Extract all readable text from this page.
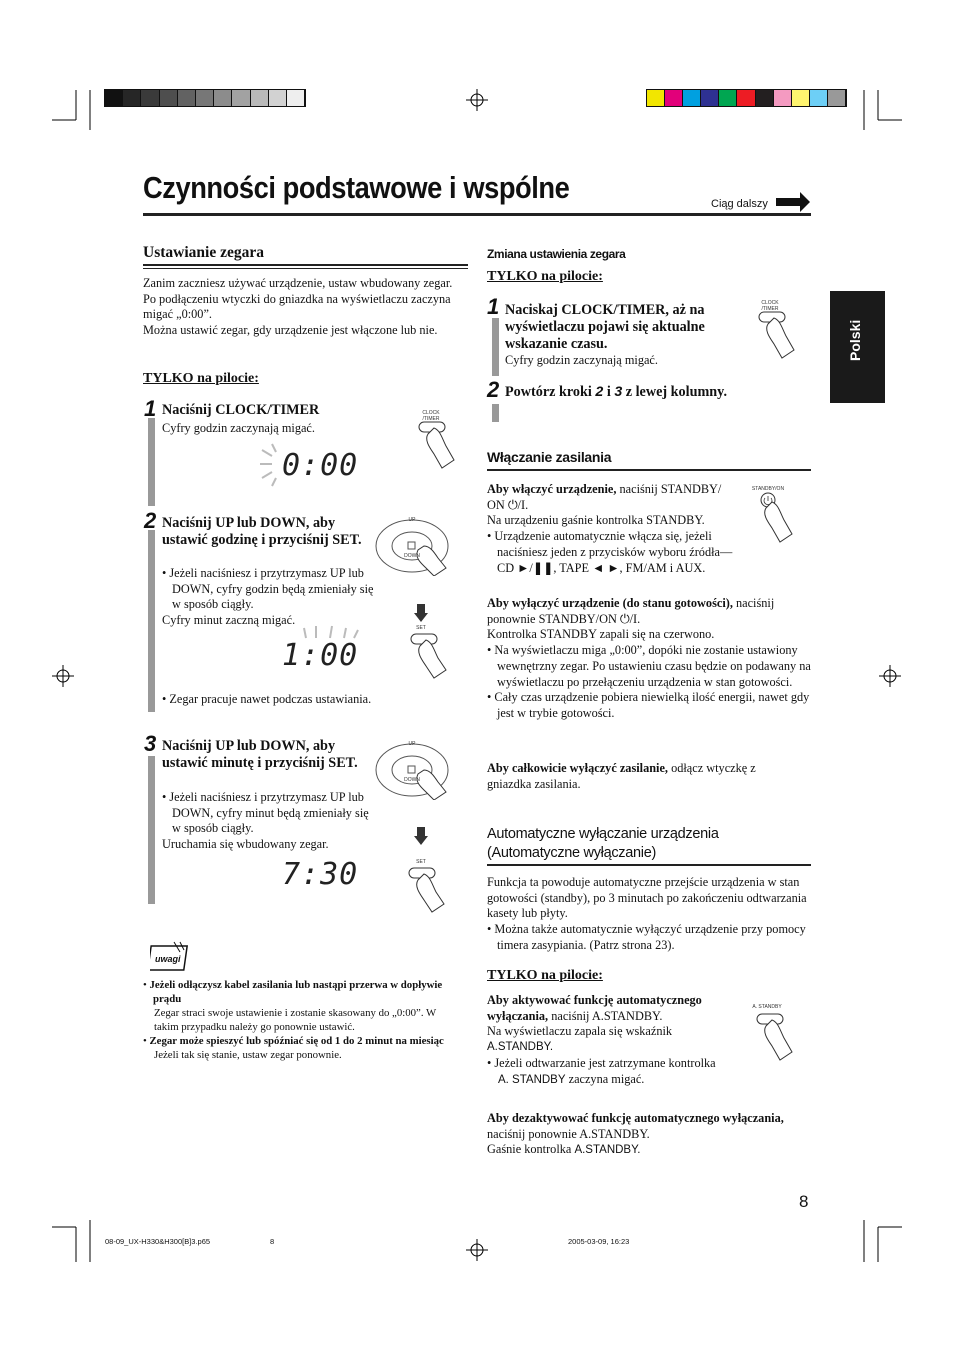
Czynności podstawowe i wspólne	Ciąg dalszy
Polski
Ustawianie zegara
Zanim zaczniesz używać urządzenie, ustaw wbudowany zegar.
Po podłączeniu wtyczki do gniazdka na wyświetlaczu zaczyna migać „0:00”.
Można ustawić zegar, gdy urządzenie jest włączone lub nie.
TYLKO na pilocie:
1 Naciśnij CLOCK/TIMER
Cyfry godzin zaczynają migać.
0:00
CLOCK /TIMER
2 Naciśnij UP lub DOWN, aby ustawić godzinę i przyciśnij SET.
• Jeżeli naciśniesz i przytrzymasz UP lub DOWN, cyfry godzin będą zmieniały się w sposób ciągły.
Cyfry minut zaczną migać.
1:00
• Zegar pracuje nawet podczas ustawiania.
UP
DOWN
SET
3 Naciśnij UP lub DOWN, aby ustawić minutę i przyciśnij SET.
• Jeżeli naciśniesz i przytrzymasz UP lub DOWN, cyfry minut będą zmieniały się w sposób ciągły.
Uruchamia się wbudowany zegar.
7:30
UP
DOWN
SET
uwagi
• Jeżeli odłączysz kabel zasilania lub nastąpi przerwa w dopływie prądu
Zegar straci swoje ustawienie i zostanie skasowany do „0:00”. W takim przypadku należy go ponownie ustawić.
• Zegar może spieszyć lub spóźniać się od 1 do 2 minut na miesiąc
Jeżeli tak się stanie, ustaw zegar ponownie.
Zmiana ustawienia zegara
TYLKO na pilocie:
1 Naciskaj CLOCK/TIMER, aż na wyświetlaczu pojawi się aktualne wskazanie czasu.
Cyfry godzin zaczynają migać.
CLOCK /TIMER
2 Powtórz kroki 2 i 3 z lewej kolumny.
Włączanie zasilania
Aby włączyć urządzenie, naciśnij STANDBY/
ON ⏻/I.
Na urządzeniu gaśnie kontrolka STANDBY.
• Urządzenie automatycznie włącza się, jeżeli naciśniesz jeden z przycisków wyboru źródła—CD ►/❚❚, TAPE ◄ ►, FM/AM i AUX.
STANDBY/ON
Aby wyłączyć urządzenie (do stanu gotowości), naciśnij ponownie STANDBY/ON ⏻/I.
Kontrolka STANDBY zapali się na czerwono.
• Na wyświetlaczu miga „0:00”, dopóki nie zostanie ustawiony wewnętrzny zegar. Po ustawieniu czasu będzie on podawany na wyświetlaczu po przełączeniu urządzenia w stan gotowości.
• Cały czas urządzenie pobiera niewielką ilość energii, nawet gdy jest w trybie gotowości.
Aby całkowicie wyłączyć zasilanie, odłącz wtyczkę z gniazdka zasilania.
Automatyczne wyłączanie urządzenia
(Automatyczne wyłączanie)
Funkcja ta powoduje automatyczne przejście urządzenia w stan gotowości (standby), po 3 minutach po zakończeniu odtwarzania kasety lub płyty.
• Można także automatycznie wyłączyć urządzenie przy pomocy timera zasypiania. (Patrz strona 23).
TYLKO na pilocie:
Aby aktywować funkcję automatycznego wyłączania, naciśnij A.STANDBY.
Na wyświetlaczu zapala się wskaźnik
A.STANDBY.
• Jeżeli odtwarzanie jest zatrzymane kontrolka
A. STANDBY zaczyna migać.
A. STANDBY
Aby dezaktywować funkcję automatycznego wyłączania,
naciśnij ponownie A.STANDBY.
Gaśnie kontrolka A.STANDBY.
8
08-09_UX-H330&H300[B]3.p65	8	2005-03-09, 16:23
